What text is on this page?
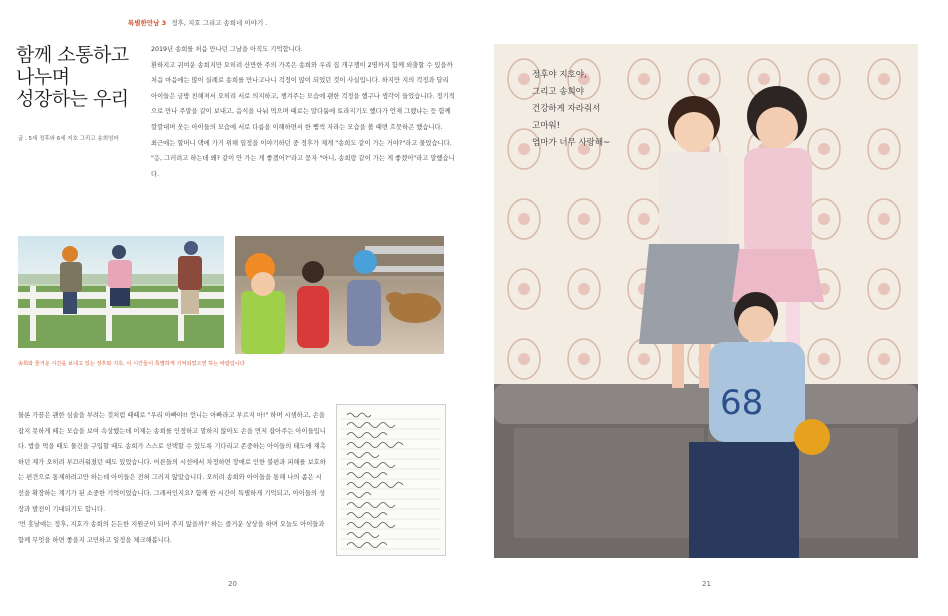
특별한만남 3 정후, 지호 그리고 송희네 이야기 .
함께 소통하고
나누며
성장하는 우리
글 . 5세 정후와 6세 지호 그리고 송희엄마

2019년 송희를 처음 만나던 그날을 아직도 기억합니다.

환하지고 귀여운 송희지만 오히려 산만한 주의 가족은 송희와 우리 집 개구쟁이 2명까지 함께 외출할 수 있을까 처음 마음에는 많이 실례로 송희를 만나고나니 걱정이 많이 되었던 것이 사실입니다. 하지만 지의 걱정과 달리 아이들은 금방 친해져서 오히려 서로 의지하고, 챙겨주는 모습에 괜한 걱정을 했구나 생각이 들었습니다. 정기적으로 만나 주말을 같이 보내고, 음식을 나눠 먹으며 때로는 말다툼에 토라지기도 했다가 언제 그랬냐는 듯 함께 깔깔대며 웃는 아이들의 모습에 서로 다름을 이해하면서 한 뼘씩 자라는 모습을 볼 때면 흐뭇하곤 했습니다.

최근에는 할머니 댁에 가기 위해 일정을 이야기하던 중 정후가 제게 "송희도 같이 가는 거야?"라고 물었습니다. "응, 그러려고 하는데 왜? 같이 안 가는 게 좋겠어?"라고 묻자 "아니, 송희랑 같이 가는 게 좋겠어"라고 말했습니다.

송희와 즐거운 시간을 보내고 있는 정후와 지호, 이 시간들이 특별하게 기억되었으면 하는 바람입니다

물론 가끔은 괜한 심술을 부려는 것처럼 때때로 "우리 아빠야!! 언니는 아빠라고 부르지 마!" 하며 시샘하고, 손을 잡지 못하게 떼는 모습을 보여 속상했는데 이제는 송희를 인정하고 말하지 않아도 손을 먼저 잡아주는 아이들입니다. 밥을 먹을 때도 물건을 구입할 때도 송희가 스스로 선택할 수 있도록 기다리고 존중하는 아이들의 태도에 재촉하던 제가 오히려 부끄러워졌던 때도 있었습니다. 어른들의 시선에서 차정하면 장애로 인한 불편과 피해를 보호하는 편견으로 통제하려고만 하는데 아이들은 전혀 그러지 않았습니다. 오히려 송희와 아이들을 통해 나의 좁은 시선을 확장하는 계기가 된 소중한 기억이었습니다. 그래서인지요? 함께 한 시간이 특별하게 기억되고, 아이들의 성장과 발전이 기대되기도 합니다.

'먼 훗날에는 정후, 지호가 송희의 든든한 지원군이 되어 주지 않을까?' 하는 즐거운 상상을 하며 오늘도 아이들과 함께 무엇을 하면 좋을지 고민하고 일정을 체크해봅니다.

20
68
정후야 지호야,
그리고 송희야
건강하게 자라줘서
고마워!
엄마가 너무 사랑해~
21
